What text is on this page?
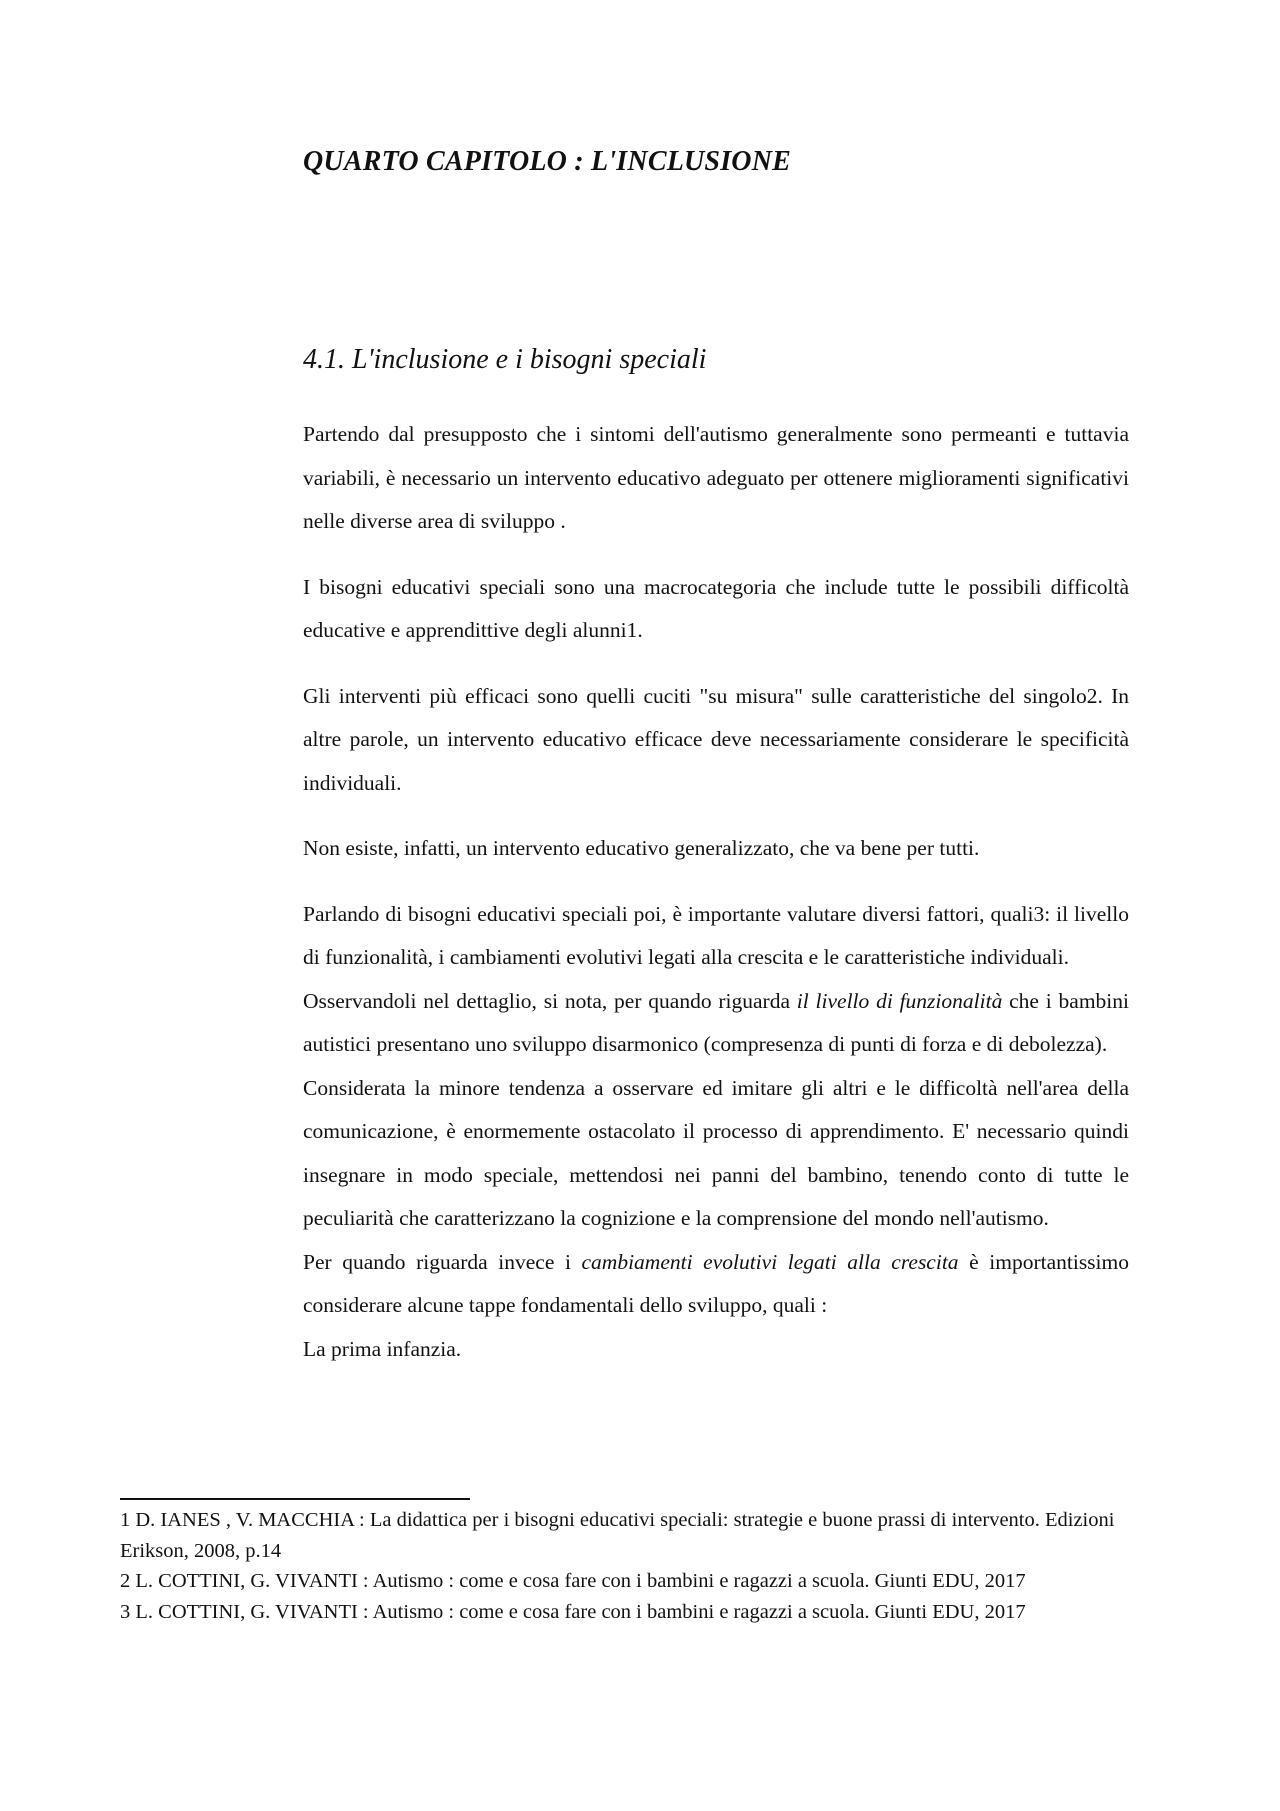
QUARTO CAPITOLO : L'INCLUSIONE
4.1. L'inclusione e i bisogni speciali

Partendo dal presupposto che i sintomi dell'autismo generalmente sono permeanti e tuttavia variabili, è necessario un intervento educativo adeguato per ottenere miglioramenti significativi nelle diverse area di sviluppo .

I bisogni educativi speciali sono una macrocategoria che include tutte le possibili difficoltà educative e apprendittive degli alunni1.

Gli interventi più efficaci sono quelli cuciti "su misura" sulle caratteristiche del singolo2. In altre parole, un intervento educativo efficace deve necessariamente considerare le specificità individuali.

Non esiste, infatti, un intervento educativo generalizzato, che va bene per tutti.

Parlando di bisogni educativi speciali poi, è importante valutare diversi fattori, quali3: il livello di funzionalità, i cambiamenti evolutivi legati alla crescita e le caratteristiche individuali.

Osservandoli nel dettaglio, si nota, per quando riguarda il livello di funzionalità che i bambini autistici presentano uno sviluppo disarmonico (compresenza di punti di forza e di debolezza).

Considerata la minore tendenza a osservare ed imitare gli altri e le difficoltà nell'area della comunicazione, è enormemente ostacolato il processo di apprendimento. E' necessario quindi insegnare in modo speciale, mettendosi nei panni del bambino, tenendo conto di tutte le peculiarità che caratterizzano la cognizione e la comprensione del mondo nell'autismo.

Per quando riguarda invece i cambiamenti evolutivi legati alla crescita è importantissimo considerare alcune tappe fondamentali dello sviluppo, quali :

La prima infanzia.

1 D. IANES , V. MACCHIA : La didattica per i bisogni educativi speciali: strategie e buone prassi di intervento. Edizioni Erikson, 2008, p.14

2 L. COTTINI, G. VIVANTI : Autismo : come e cosa fare con i bambini e ragazzi a scuola. Giunti EDU, 2017

3 L. COTTINI, G. VIVANTI : Autismo : come e cosa fare con i bambini e ragazzi a scuola. Giunti EDU, 2017
